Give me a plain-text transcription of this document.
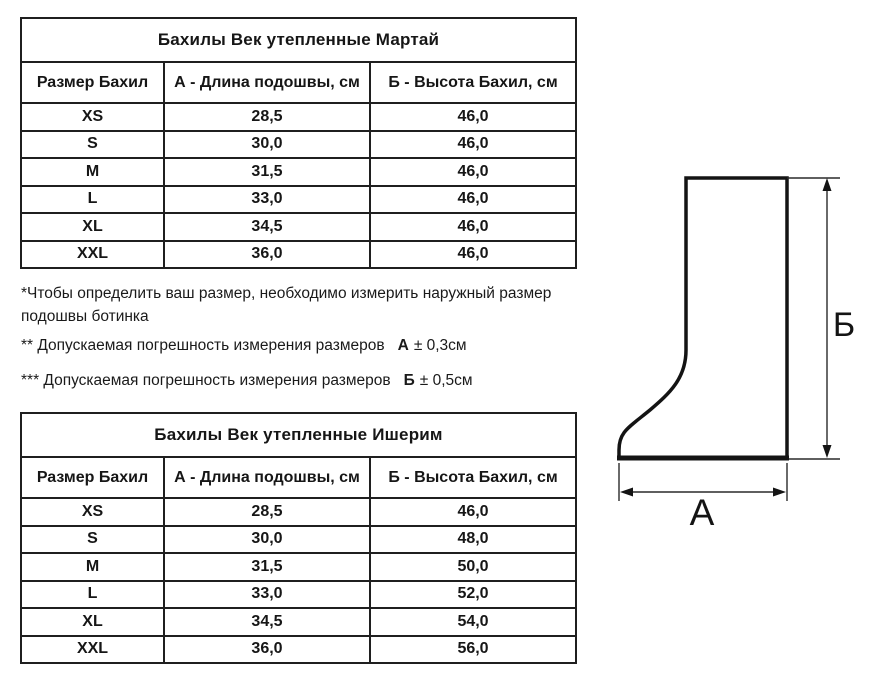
Бахилы Век утепленные Мартай		
Размер Бахил	А - Длина подошвы, см	Б - Высота Бахил, см
XS	28,5	46,0
S	30,0	46,0
M	31,5	46,0
L	33,0	46,0
XL	34,5	46,0
XXL	36,0	46,0
*Чтобы определить ваш размер, необходимо измерить наружный размер
подошвы ботинка
** Допускаемая погрешность измерения размеров А ± 0,3см
*** Допускаемая погрешность измерения размеров Б ± 0,5см
Бахилы Век утепленные Ишерим		
Размер Бахил	А - Длина подошвы, см	Б - Высота Бахил, см
XS	28,5	46,0
S	30,0	48,0
M	31,5	50,0
L	33,0	52,0
XL	34,5	54,0
XXL	36,0	56,0
Б
А
